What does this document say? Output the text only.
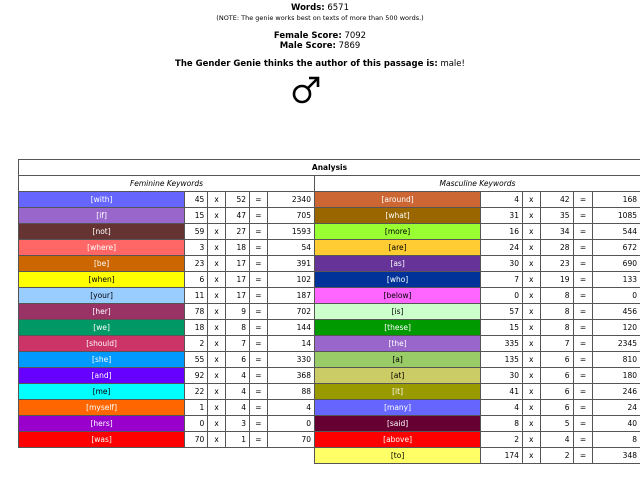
Words: 6571
(NOTE: The genie works best on texts of more than 500 words.)
Female Score: 7092
Male Score: 7869
The Gender Genie thinks the author of this passage is: male!
Analysis											
Feminine Keywords						Masculine Keywords					
[with]	45	x	52	=	2340	[around]	4	x	42	=	168
[if]	15	x	47	=	705	[what]	31	x	35	=	1085
[not]	59	x	27	=	1593	[more]	16	x	34	=	544
[where]	3	x	18	=	54	[are]	24	x	28	=	672
[be]	23	x	17	=	391	[as]	30	x	23	=	690
[when]	6	x	17	=	102	[who]	7	x	19	=	133
[your]	11	x	17	=	187	[below]	0	x	8	=	0
[her]	78	x	9	=	702	[is]	57	x	8	=	456
[we]	18	x	8	=	144	[these]	15	x	8	=	120
[should]	2	x	7	=	14	[the]	335	x	7	=	2345
[she]	55	x	6	=	330	[a]	135	x	6	=	810
[and]	92	x	4	=	368	[at]	30	x	6	=	180
[me]	22	x	4	=	88	[it]	41	x	6	=	246
[myself]	1	x	4	=	4	[many]	4	x	6	=	24
[hers]	0	x	3	=	0	[said]	8	x	5	=	40
[was]	70	x	1	=	70	[above]	2	x	4	=	8
						[to]	174	x	2	=	348
